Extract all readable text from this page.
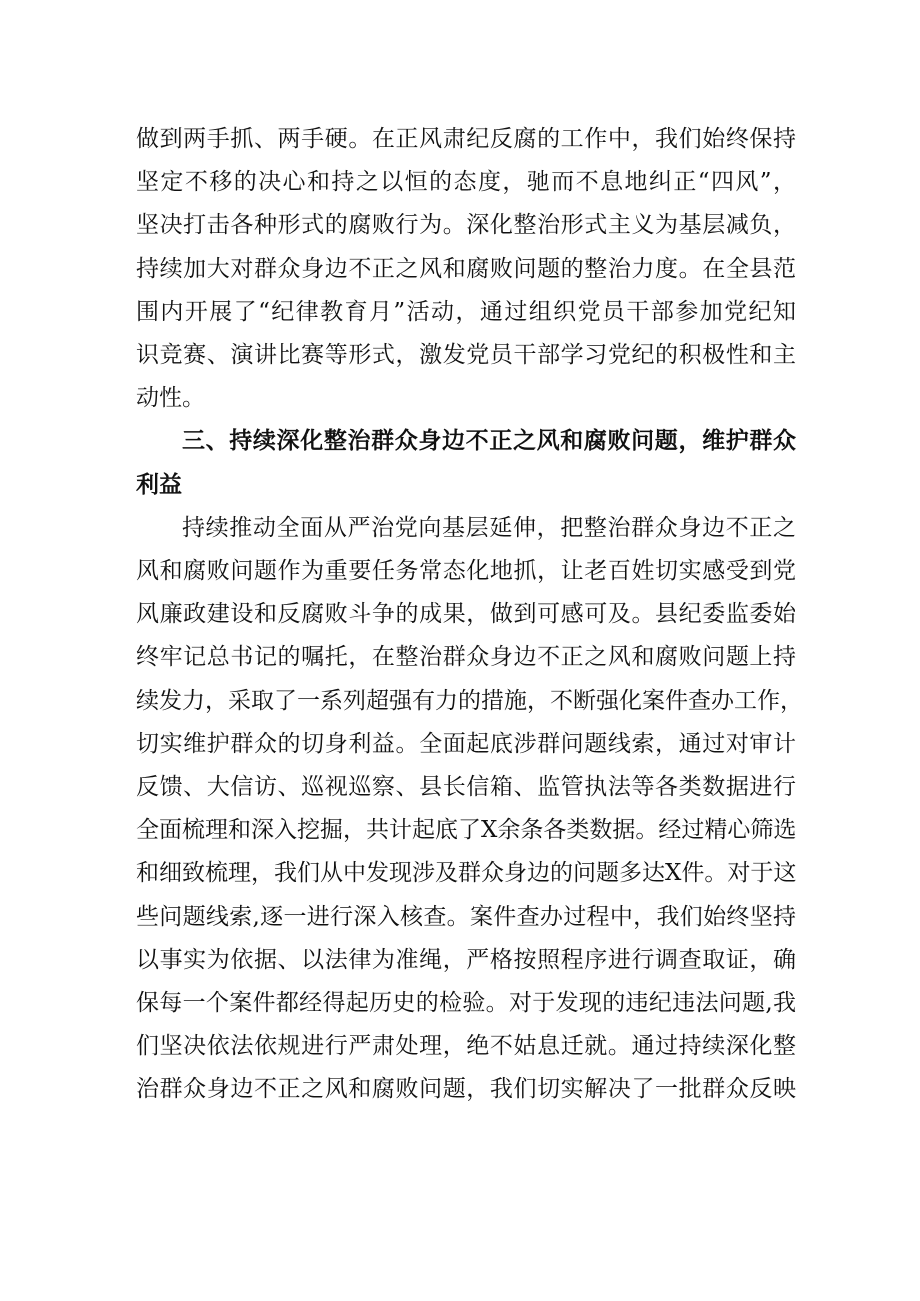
做到两手抓、两手硬。在正风肃纪反腐的工作中，我们始终保持
坚定不移的决心和持之以恒的态度，驰而不息地纠正“四风”，
坚决打击各种形式的腐败行为。深化整治形式主义为基层减负，
持续加大对群众身边不正之风和腐败问题的整治力度。在全县范
围内开展了“纪律教育月”活动，通过组织党员干部参加党纪知
识竞赛、演讲比赛等形式，激发党员干部学习党纪的积极性和主
动性。
三、持续深化整治群众身边不正之风和腐败问题，维护群众
利益
持续推动全面从严治党向基层延伸，把整治群众身边不正之
风和腐败问题作为重要任务常态化地抓，让老百姓切实感受到党
风廉政建设和反腐败斗争的成果，做到可感可及。县纪委监委始
终牢记总书记的嘱托，在整治群众身边不正之风和腐败问题上持
续发力，采取了一系列超强有力的措施，不断强化案件查办工作，
切实维护群众的切身利益。全面起底涉群问题线索，通过对审计
反馈、大信访、巡视巡察、县长信箱、监管执法等各类数据进行
全面梳理和深入挖掘，共计起底了X余条各类数据。经过精心筛选
和细致梳理，我们从中发现涉及群众身边的问题多达X件。对于这
些问题线索,逐一进行深入核查。案件查办过程中，我们始终坚持
以事实为依据、以法律为准绳，严格按照程序进行调查取证，确
保每一个案件都经得起历史的检验。对于发现的违纪违法问题,我
们坚决依法依规进行严肃处理，绝不姑息迁就。通过持续深化整
治群众身边不正之风和腐败问题，我们切实解决了一批群众反映
